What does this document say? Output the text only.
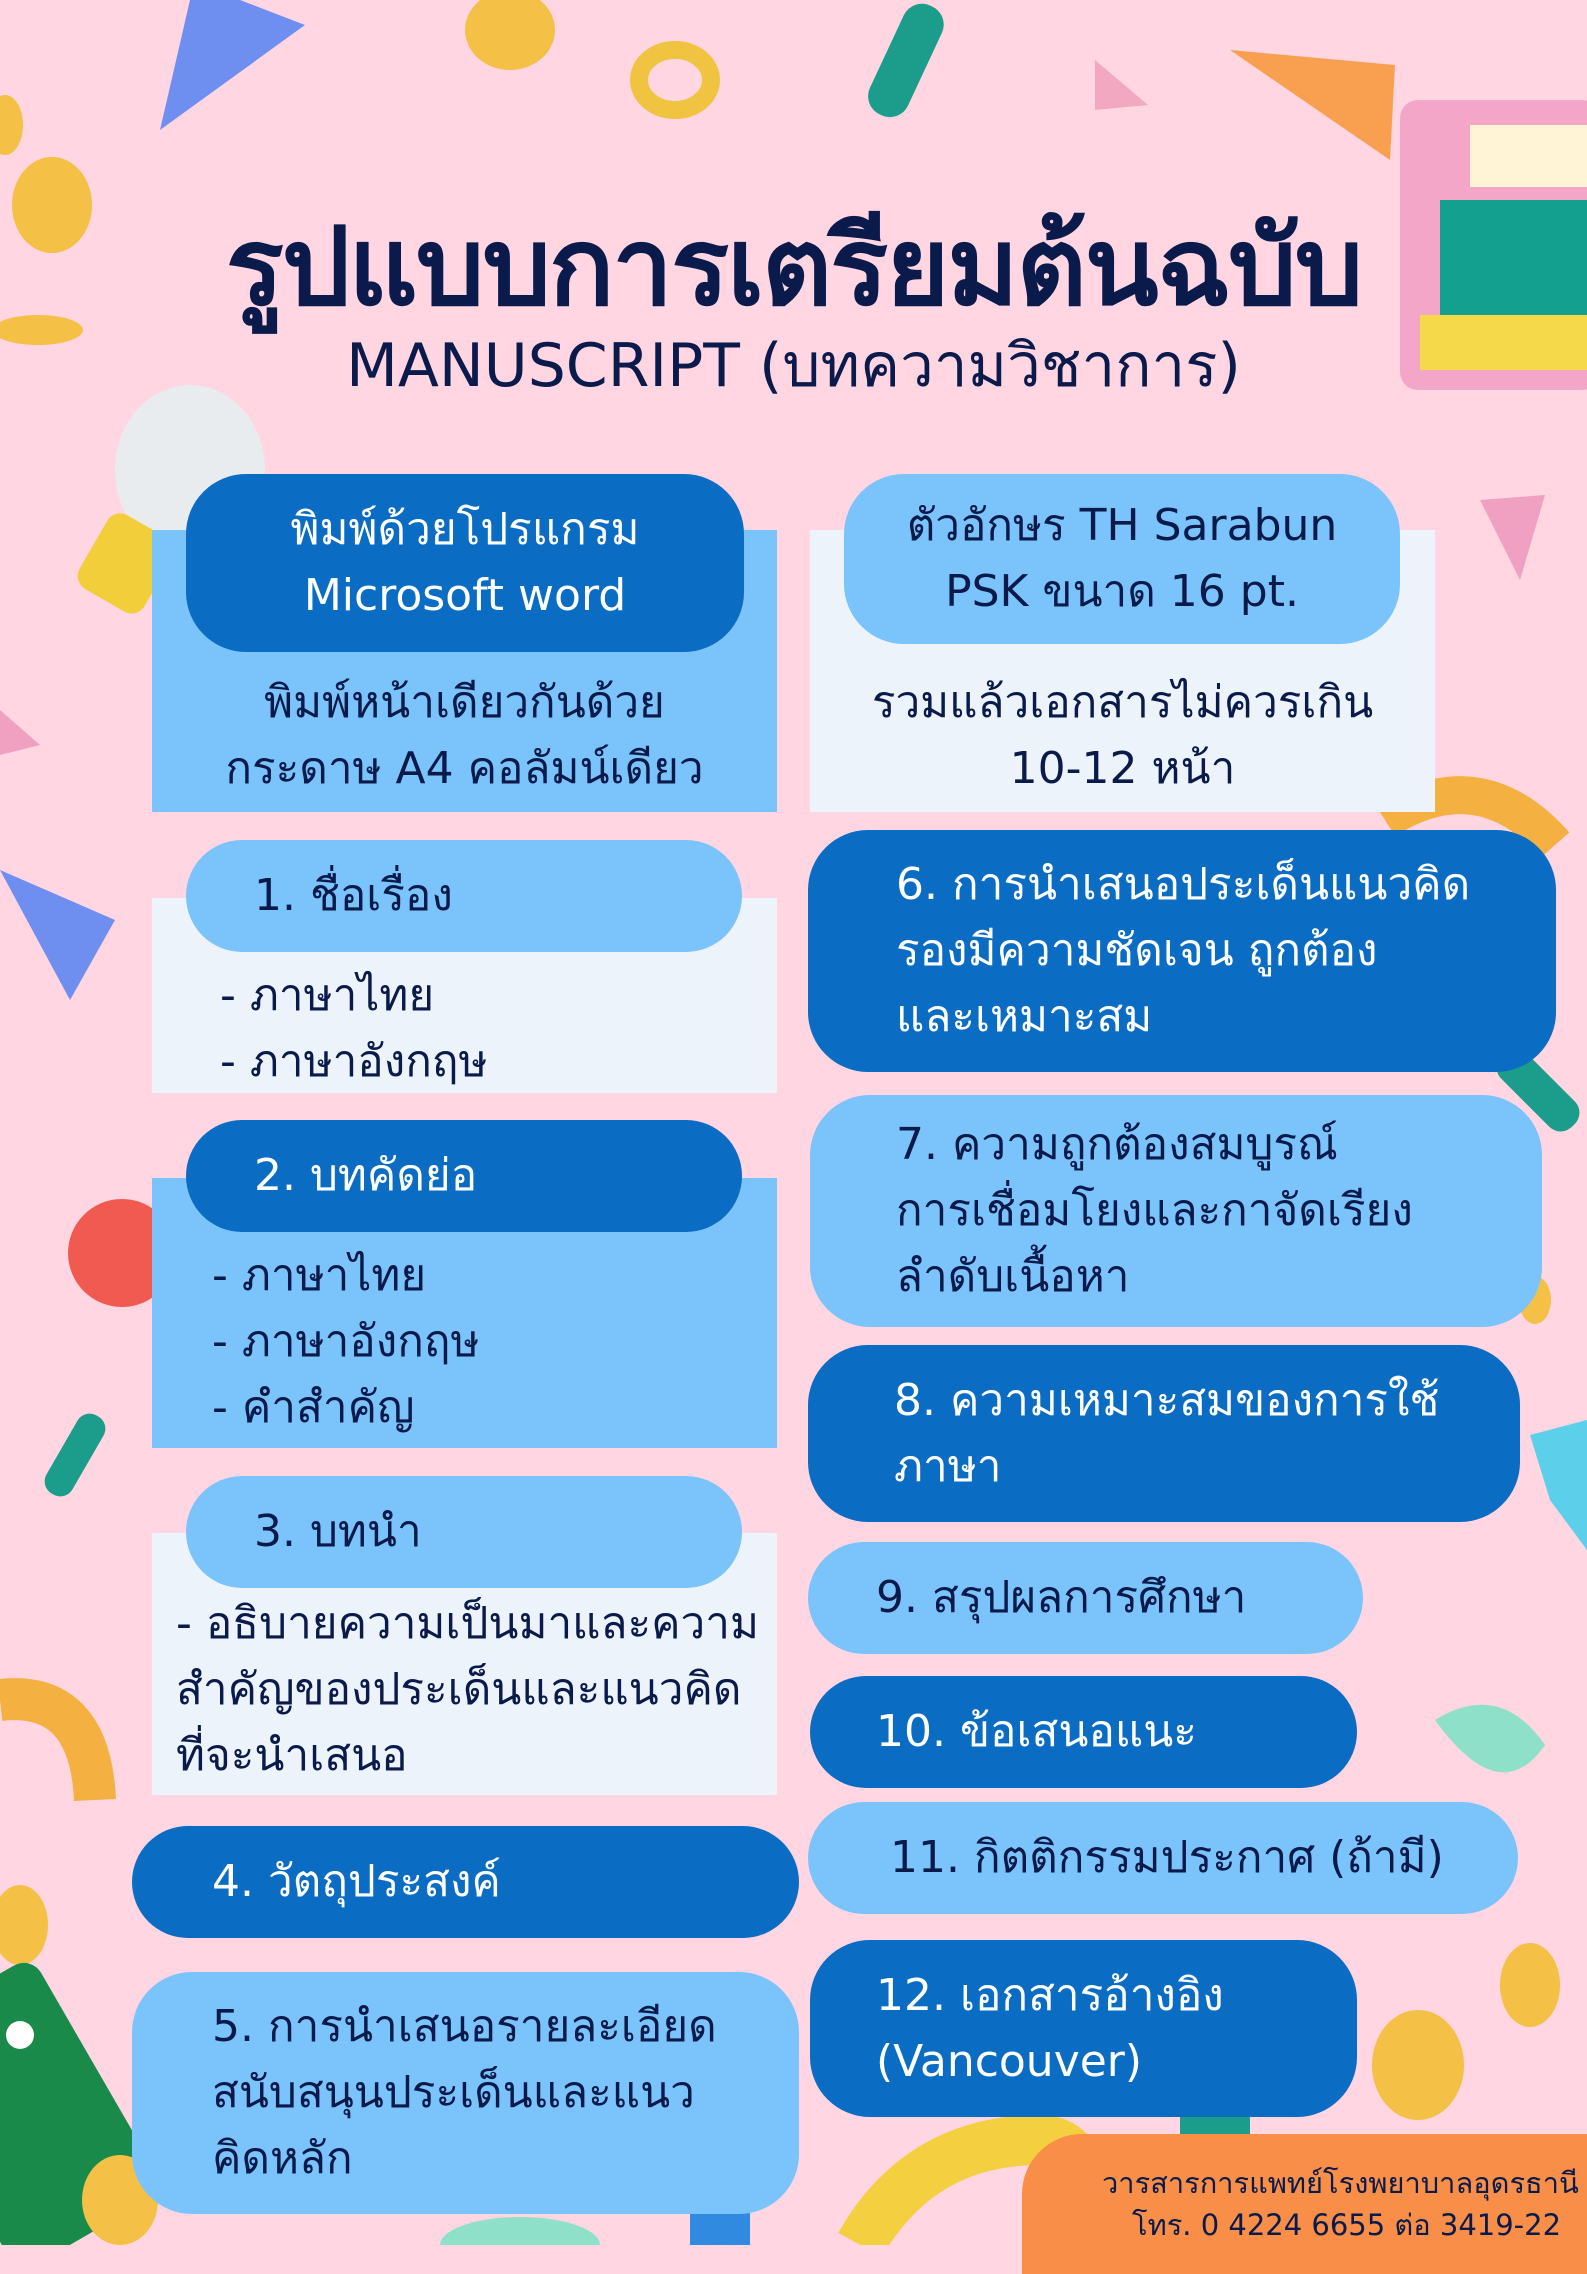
รูปแบบการเตรียมต้นฉบับ
MANUSCRIPT (บทความวิชาการ)
พิมพ์หน้าเดียวกันด้วย
กระดาษ A4 คอลัมน์เดียว
พิมพ์ด้วยโปรแกรม
Microsoft word
รวมแล้วเอกสารไม่ควรเกิน
10-12 หน้า
ตัวอักษร TH Sarabun
PSK ขนาด 16 pt.
- ภาษาไทย
- ภาษาอังกฤษ
1. ชื่อเรื่อง
- ภาษาไทย
- ภาษาอังกฤษ
- คำสำคัญ
2. บทคัดย่อ
- อธิบายความเป็นมาและความ
สำคัญของประเด็นและแนวคิด
ที่จะนำเสนอ
3. บทนำ
4. วัตถุประสงค์
5. การนำเสนอรายละเอียด
สนับสนุนประเด็นและแนว
คิดหลัก
6. การนำเสนอประเด็นแนวคิด
รองมีความชัดเจน ถูกต้อง
และเหมาะสม
7. ความถูกต้องสมบูรณ์
การเชื่อมโยงและกาจัดเรียง
ลำดับเนื้อหา
8. ความเหมาะสมของการใช้
ภาษา
9. สรุปผลการศึกษา
10. ข้อเสนอแนะ
11. กิตติกรรมประกาศ (ถ้ามี)
12. เอกสารอ้างอิง
(Vancouver)
วารสารการแพทย์โรงพยาบาลอุดรธานี
โทร. 0 4224 6655 ต่อ 3419-22
